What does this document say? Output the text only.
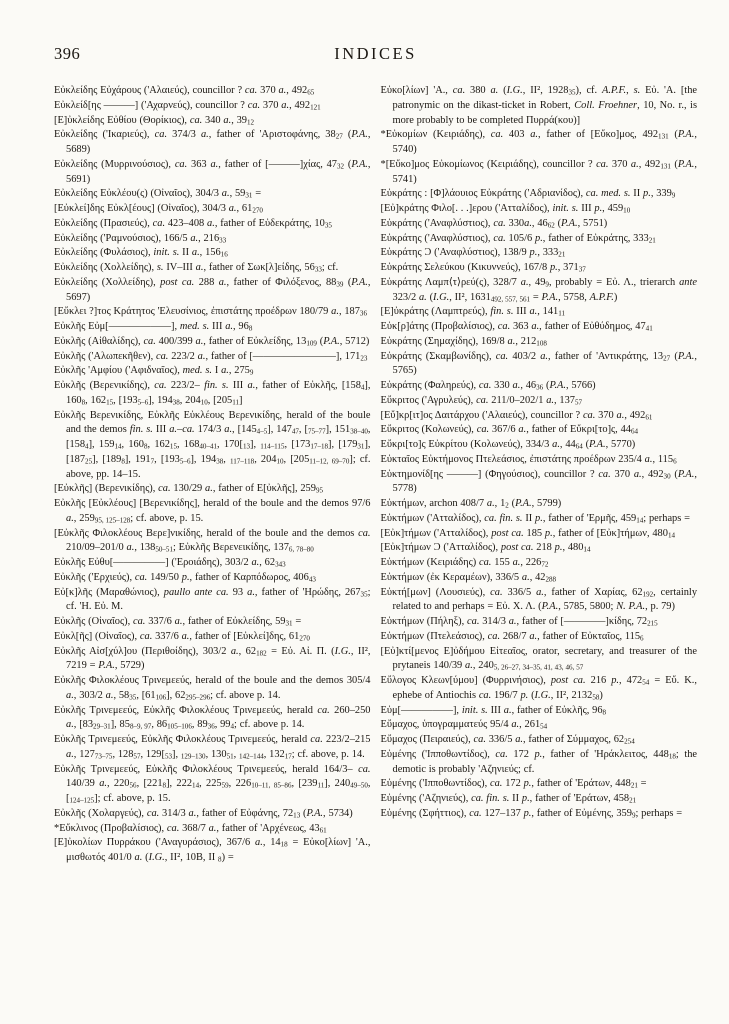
396	INDICES

Εὐκλείδης Εὐχάρους ('Αλαιεύς), councillor ? ca. 370 a., 49265

Εὐκλείδ[ης ———] ('Αχαρνεύς), councillor ? ca. 370 a., 492121

[Ε]ὐκλείδης Εὐθίου (Θορίκιος), ca. 340 a., 3912

Εὐκλείδης ('Ικαριεύς), ca. 374/3 a., father of 'Αριστοφάνης, 3827 (P.A., 5689)

Εὐκλείδης (Μυρρινούσιος), ca. 363 a., father of [———]χίας, 4732 (P.A., 5691)

Εὐκλείδης Εὐκλέου(ς) (Οἰναῖος), 304/3 a., 5931 =

[Εὐκλεί]δης Εὐκλ[έους] (Οἰναῖος), 304/3 a., 61270

Εὐκλείδης (Πρασιεύς), ca. 423–408 a., father of Εὐδεκράτης, 1035

Εὐκλείδης ('Ραμνούσιος), 166/5 a., 21633

Εὐκλείδης (Φυλάσιος), init. s. II a., 15616

Εὐκλείδης (Χολλείδης), s. IV–III a., father of Σωκ[λ]είδης, 5633; cf.

Εὐκλείδης (Χολλείδης), post ca. 288 a., father of Φιλόξενος, 8839 (P.A., 5697)

[Εὔκλει ?]τος Κράτητος 'Ελευσίνιος, ἐπιστάτης προέδρων 180/79 a., 18736

Εὐκλῆς Εὐμ[——————], med. s. III a., 968

Εὐκλῆς (Αἰθαλίδης), ca. 400/399 a., father of Εὐκλείδης, 13109 (P.A., 5712)

Εὐκλῆς ('Αλωπεκῆθεν), ca. 223/2 a., father of [————————], 17123

Εὐκλῆς 'Αμφίου ('Αφιδναῖος), med. s. I a., 2759

Εὐκλῆς (Βερενικίδης), ca. 223/2– fin. s. III a., father of Εὐκλῆς, [1584], 1608, 16215, [1935–6], 19438, 20410, [20511]

Εὐκλῆς Βερενικίδης, Εὐκλῆς Εὐκλέους Βερενικίδης, herald of the boule and the demos fin. s. III a.–ca. 174/3 a., [1454–5], 14747, [75–77], 15138–40, [1584], 15914, 1608, 16215, 16840–41, 170[13], 114–115, [17317–18], [17931], [18725], [1898], 1917, [1935–6], 19438, 117–118, 20410, [20511–12, 69–70]; cf. above, pp. 14–15.

[Εὐκλῆς] (Βερενικίδης), ca. 130/29 a., father of Ε[ὐκλῆς], 25995

Εὐκλῆς [Εὐκλέους] [Βερενικίδης], herald of the boule and the demos 97/6 a., 25995, 125–128; cf. above, p. 15.

[Εὐκλῆς Φιλοκλέους Βερε]νικίδης, herald of the boule and the demos ca. 210/09–201/0 a., 13850–51; Εὐκλῆς Βερενεικίδης, 1376, 78–80

Εὐκλῆς Εὐθυ[—————] ('Εροιάδης), 303/2 a., 62343

Εὐκλῆς ('Ερχιεύς), ca. 149/50 p., father of Καρπόδωρος, 40643

Εὐ[κ]λῆς (Μαραθώνιος), paullo ante ca. 93 a., father of 'Ηρώδης, 26735; cf. 'Η. Εὐ. Μ.

Εὐκλῆς (Οἰναῖος), ca. 337/6 a., father of Εὐκλείδης, 5931 =

Εὐκλ[ῆς] (Οἰναῖος), ca. 337/6 a., father of [Εὐκλεί]δης, 61270

Εὐκλῆς Αἰσ[χύλ]ου (Περιθοίδης), 303/2 a., 62182 = Εὐ. Αἰ. Π. (I.G., II², 7219 = P.A., 5729)

Εὐκλῆς Φιλοκλέους Τρινεμεεύς, herald of the boule and the demos 305/4 a., 303/2 a., 5835, [61106], 62295–296; cf. above p. 14.

Εὐκλῆς Τρινεμεεύς, Εὐκλῆς Φιλοκλέους Τρινεμεεύς, herald ca. 260–250 a., [8329–31], 858–9, 97, 86105–106, 8936, 994; cf. above p. 14.

Εὐκλῆς Τρινεμεεύς, Εὐκλῆς Φιλοκλέους Τρινεμεεύς, herald ca. 223/2–215 a., 12773–75, 12857, 129[53], 129–130, 13051, 142–144, 13217; cf. above, p. 14.

Εὐκλῆς Τρινεμεεύς, Εὐκλῆς Φιλοκλέους Τρινεμεεύς, herald 164/3– ca. 140/39 a., 22056, [2218], 22214, 22559, 22610–11, 85–86, [23911], 24049–50, [124–125]; cf. above, p. 15.

Εὐκλῆς (Χολαργεύς), ca. 314/3 a., father of Εὐφάνης, 7213 (P.A., 5734)

*Εὔκλινος (Προβαλίσιος), ca. 368/7 a., father of 'Αρχένεως, 4361

[Ε]ὐκολίων Πυρράκου ('Αναγυράσιος), 367/6 a., 1418 = Εὐκο[λίων] 'Α., μισθωτός 401/0 a. (I.G., II², 10Β, II 8) =

Εὐκο[λίων] 'Α., ca. 380 a. (I.G., II², 192835), cf. A.P.F., s. Εὐ. 'Α. [the patronymic on the dikast-ticket in Robert, Coll. Froehner, 10, No. r., is more probably to be completed Πυρρά(κου)]

*Εὐκομίων (Κειριάδης), ca. 403 a., father of [Εὔκο]μος, 492131 (P.A., 5740)

*[Εὔκο]μος Εὐκομίωνος (Κειριάδης), councillor ? ca. 370 a., 492131 (P.A., 5741)

Εὐκράτης : [Φ]λάουιος Εὐκράτης ('Αδριανίδος), ca. med. s. II p., 3399

[Εὐ]κράτης Φιλο[. . .]ερου ('Ατταλίδος), init. s. III p., 45910

Εὐκράτης ('Αναφλύστιος), ca. 330a., 4662 (P.A., 5751)

Εὐκράτης ('Αναφλύστιος), ca. 105/6 p., father of Εὐκράτης, 33321

Εὐκράτης Ɔ ('Αναφλύστιος), 138/9 p., 33321

Εὐκράτης Σελεύκου (Κικυννεύς), 167/8 p., 37137

Εὐκράτης Λαμπ⟨τ⟩ρεύ(ς), 328/7 a., 499, probably = Εὐ. Λ., trierarch ante 323/2 a. (I.G., II², 1631492, 557, 561 = P.A., 5758, A.P.F.)

[Ε]ὐκράτης (Λαμπτρεύς), fin. s. III a., 14111

Εὐκ[ρ]άτης (Προβαλίσιος), ca. 363 a., father of Εὐθύδημος, 4741

Εὐκράτης (Σημαχίδης), 169/8 a., 212108

Εὐκράτης (Σκαμβωνίδης), ca. 403/2 a., father of 'Αντικράτης, 1327 (P.A., 5765)

Εὐκράτης (Φαληρεύς), ca. 330 a., 4636 (P.A., 5766)

Εὔκριτος ('Αγρυλεύς), ca. 211/0–202/1 a., 13757

[Εὔ]κρ[ιτ]ος Δαιτάρχου ('Αλαιεύς), councillor ? ca. 370 a., 49261

Εὔκριτος (Κολωνεύς), ca. 367/6 a., father of Εὔκρι[το]ς, 4464

Εὔκρι[το]ς Εὐκρίτου (Κολωνεύς), 334/3 a., 4464 (P.A., 5770)

Εὐκταῖος Εὐκτήμονος Πτελεάσιος, ἐπιστάτης προέδρων 235/4 a., 1156

Εὐκτημονίδ[ης ———] (Φηγούσιος), councillor ? ca. 370 a., 49230 (P.A., 5778)

Εὐκτήμων, archon 408/7 a., 12 (P.A., 5799)

Εὐκτήμων ('Ατταλίδος), ca. fin. s. II p., father of 'Ερμῆς, 45914; perhaps =

[Εὐκ]τήμων ('Ατταλίδος), post ca. 185 p., father of [Εὐκ]τήμων, 48014

[Εὐκ]τήμων Ɔ ('Ατταλίδος), post ca. 218 p., 48014

Εὐκτήμων (Κειριάδης) ca. 155 a., 22672

Εὐκτήμων (ἐκ Κεραμέων), 336/5 a., 42288

Εὐκτή[μων] (Λουσιεύς), ca. 336/5 a., father of Χαρίας, 62192, certainly related to and perhaps = Εὐ. Χ. Λ. (P.A., 5785, 5800; N. P.A., p. 79)

Εὐκτήμων (Πήληξ), ca. 314/3 a., father of [————]κίδης, 72215

Εὐκτήμων (Πτελεάσιος), ca. 268/7 a., father of Εὐκταῖος, 1156

[Εὐ]κτί[μενος Ε]ὐδήμου Εἰτεαῖος, orator, secretary, and treasurer of the prytaneis 140/39 a., 2405, 26–27, 34–35, 41, 43, 46, 57

Εὔλογος Κλεων[ύμου] (Φυρρινήσιος), post ca. 216 p., 47254 = Εὔ. Κ., ephebe of Antiochis ca. 196/7 p. (I.G., II², 213258)

Εὐμ[—————], init. s. III a., father of Εὐκλῆς, 968

Εὔμαχος, ὑπογραμματεύς 95/4 a., 26154

Εὔμαχος (Πειραιεύς), ca. 336/5 a., father of Σύμμαχος, 62254

Εὐμένης ('Ιπποθωντίδος), ca. 172 p., father of 'Ηράκλειτος, 44818; the demotic is probably 'Αζηνιεύς; cf.

Εὐμένης ('Ιπποθωντίδος), ca. 172 p., father of 'Εράτων, 44821 =

Εὐμένης ('Αζηνιεύς), ca. fin. s. II p., father of 'Εράτων, 45821

Εὐμένης (Σφήττιος), ca. 127–137 p., father of Εὐμένης, 3599; perhaps =
